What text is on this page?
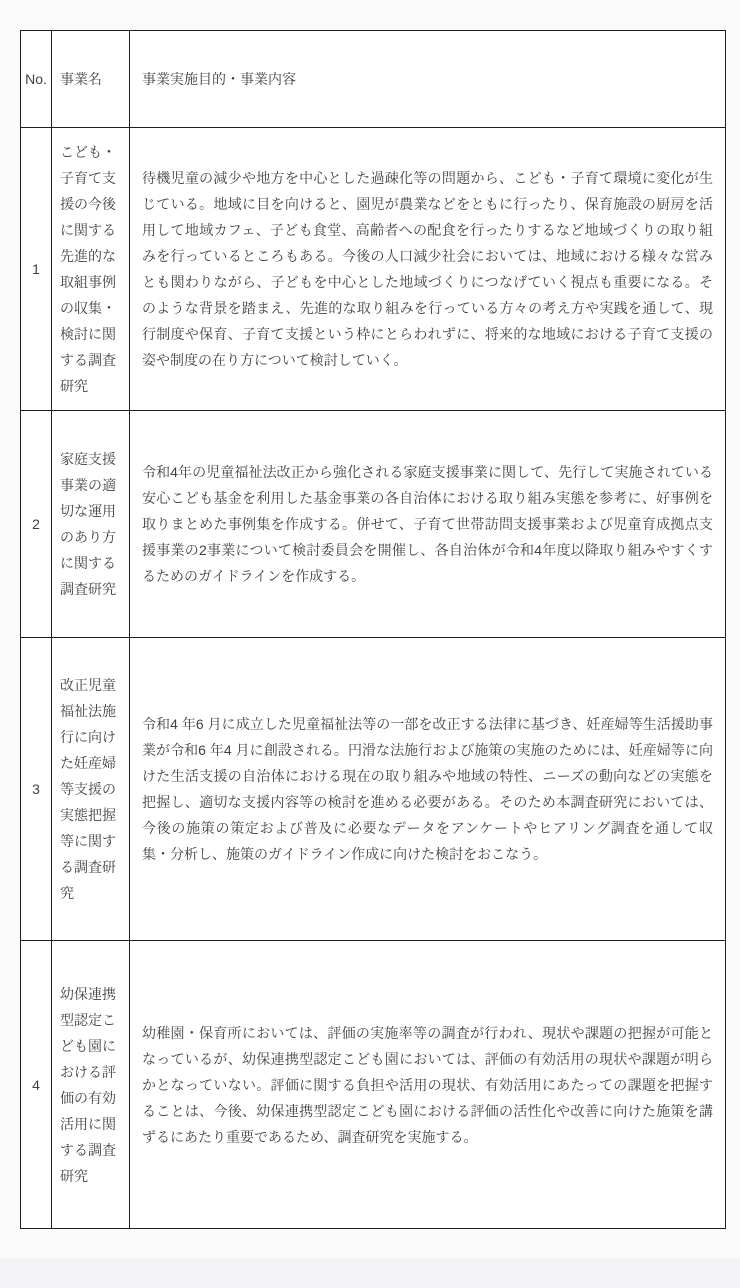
No.	事業名	事業実施目的・事業内容
1	こども・子育て支援の今後に関する先進的な取組事例の収集・検討に関する調査研究	待機児童の減少や地方を中心とした過疎化等の問題から、こども・子育て環境に変化が生じている。地域に目を向けると、園児が農業などをともに行ったり、保育施設の厨房を活用して地域カフェ、子ども食堂、高齢者への配食を行ったりするなど地域づくりの取り組みを行っているところもある。今後の人口減少社会においては、地域における様々な営みとも関わりながら、子どもを中心とした地域づくりにつなげていく視点も重要になる。そのような背景を踏まえ、先進的な取り組みを行っている方々の考え方や実践を通して、現行制度や保育、子育て支援という枠にとらわれずに、将来的な地域における子育て支援の姿や制度の在り方について検討していく。
2	家庭支援事業の適切な運用のあり方に関する調査研究	令和4年の児童福祉法改正から強化される家庭支援事業に関して、先行して実施されている安心こども基金を利用した基金事業の各自治体における取り組み実態を参考に、好事例を取りまとめた事例集を作成する。併せて、子育て世帯訪問支援事業および児童育成拠点支援事業の2事業について検討委員会を開催し、各自治体が令和4年度以降取り組みやすくするためのガイドラインを作成する。
3	改正児童福祉法施行に向けた妊産婦等支援の実態把握等に関する調査研究	令和4 年6 月に成立した児童福祉法等の一部を改正する法律に基づき、妊産婦等生活援助事業が令和6 年4 月に創設される。円滑な法施行および施策の実施のためには、妊産婦等に向けた生活支援の自治体における現在の取り組みや地域の特性、ニーズの動向などの実態を把握し、適切な支援内容等の検討を進める必要がある。そのため本調査研究においては、今後の施策の策定および普及に必要なデータをアンケートやヒアリング調査を通して収集・分析し、施策のガイドライン作成に向けた検討をおこなう。
4	幼保連携型認定こども園における評価の有効活用に関する調査研究	幼稚園・保育所においては、評価の実施率等の調査が行われ、現状や課題の把握が可能となっているが、幼保連携型認定こども園においては、評価の有効活用の現状や課題が明らかとなっていない。評価に関する負担や活用の現状、有効活用にあたっての課題を把握することは、今後、幼保連携型認定こども園における評価の活性化や改善に向けた施策を講ずるにあたり重要であるため、調査研究を実施する。
